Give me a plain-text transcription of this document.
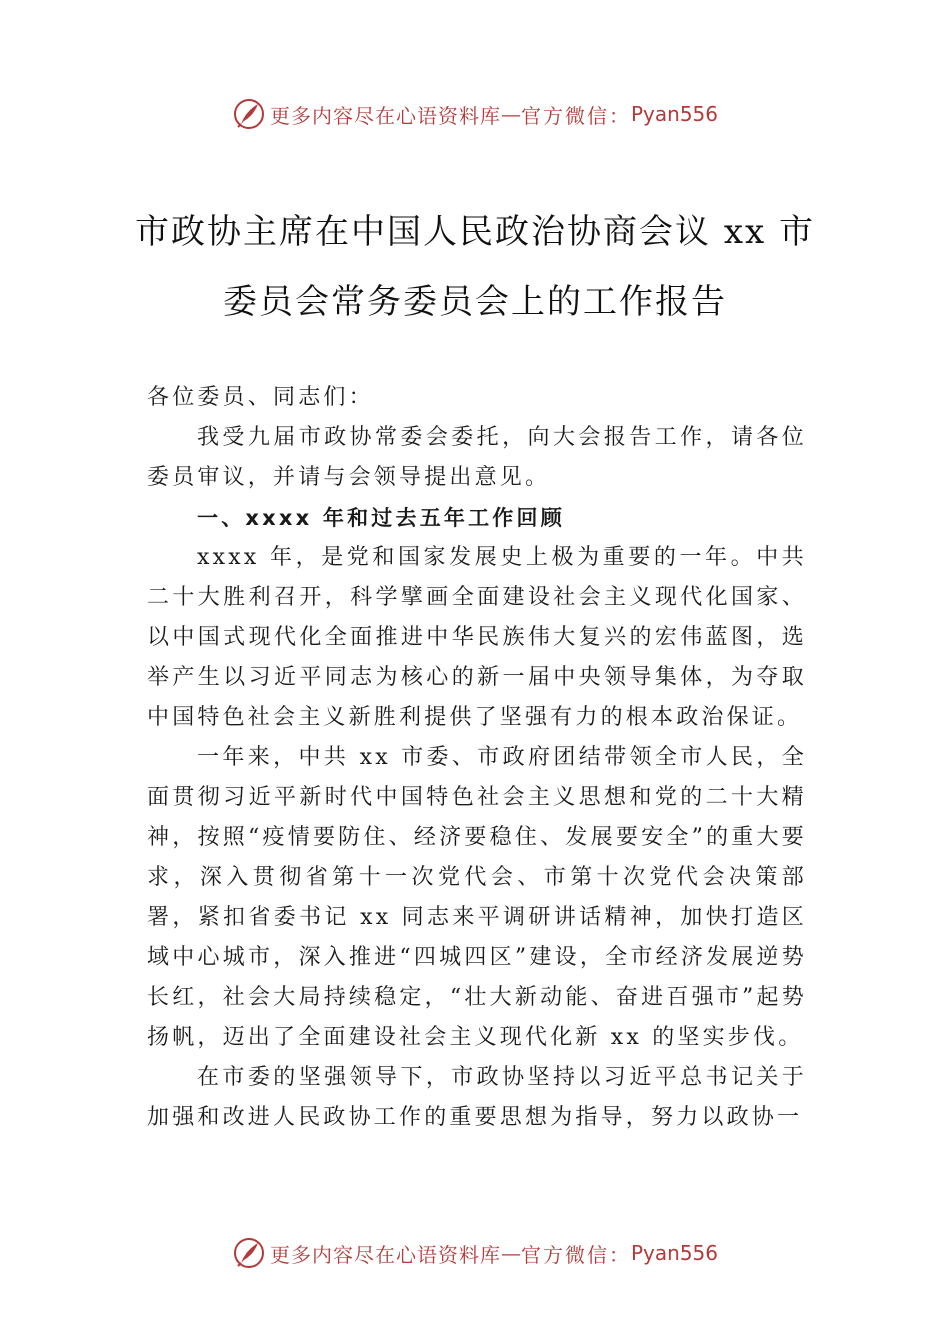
更多内容尽在心语资料库 — 官方微信： Pyan556
市政协主席在中国人民政治协商会议 xx 市
委员会常务委员会上的工作报告

各位委员、同志们：

我受九届市政协常委会委托，向大会报告工作，请各位委员审议，并请与会领导提出意见。

一、xxxx 年和过去五年工作回顾

xxxx 年，是党和国家发展史上极为重要的一年。中共二十大胜利召开，科学擘画全面建设社会主义现代化国家、以中国式现代化全面推进中华民族伟大复兴的宏伟蓝图，选举产生以习近平同志为核心的新一届中央领导集体，为夺取中国特色社会主义新胜利提供了坚强有力的根本政治保证。

一年来，中共 xx 市委、市政府团结带领全市人民，全面贯彻习近平新时代中国特色社会主义思想和党的二十大精神，按照“疫情要防住、经济要稳住、发展要安全”的重大要求，深入贯彻省第十一次党代会、市第十次党代会决策部署，紧扣省委书记 xx 同志来平调研讲话精神，加快打造区域中心城市，深入推进“四城四区”建设，全市经济发展逆势长红，社会大局持续稳定，“壮大新动能、奋进百强市”起势扬帆，迈出了全面建设社会主义现代化新 xx 的坚实步伐。

在市委的坚强领导下，市政协坚持以习近平总书记关于加强和改进人民政协工作的重要思想为指导，努力以政协一

更多内容尽在心语资料库 — 官方微信： Pyan556
